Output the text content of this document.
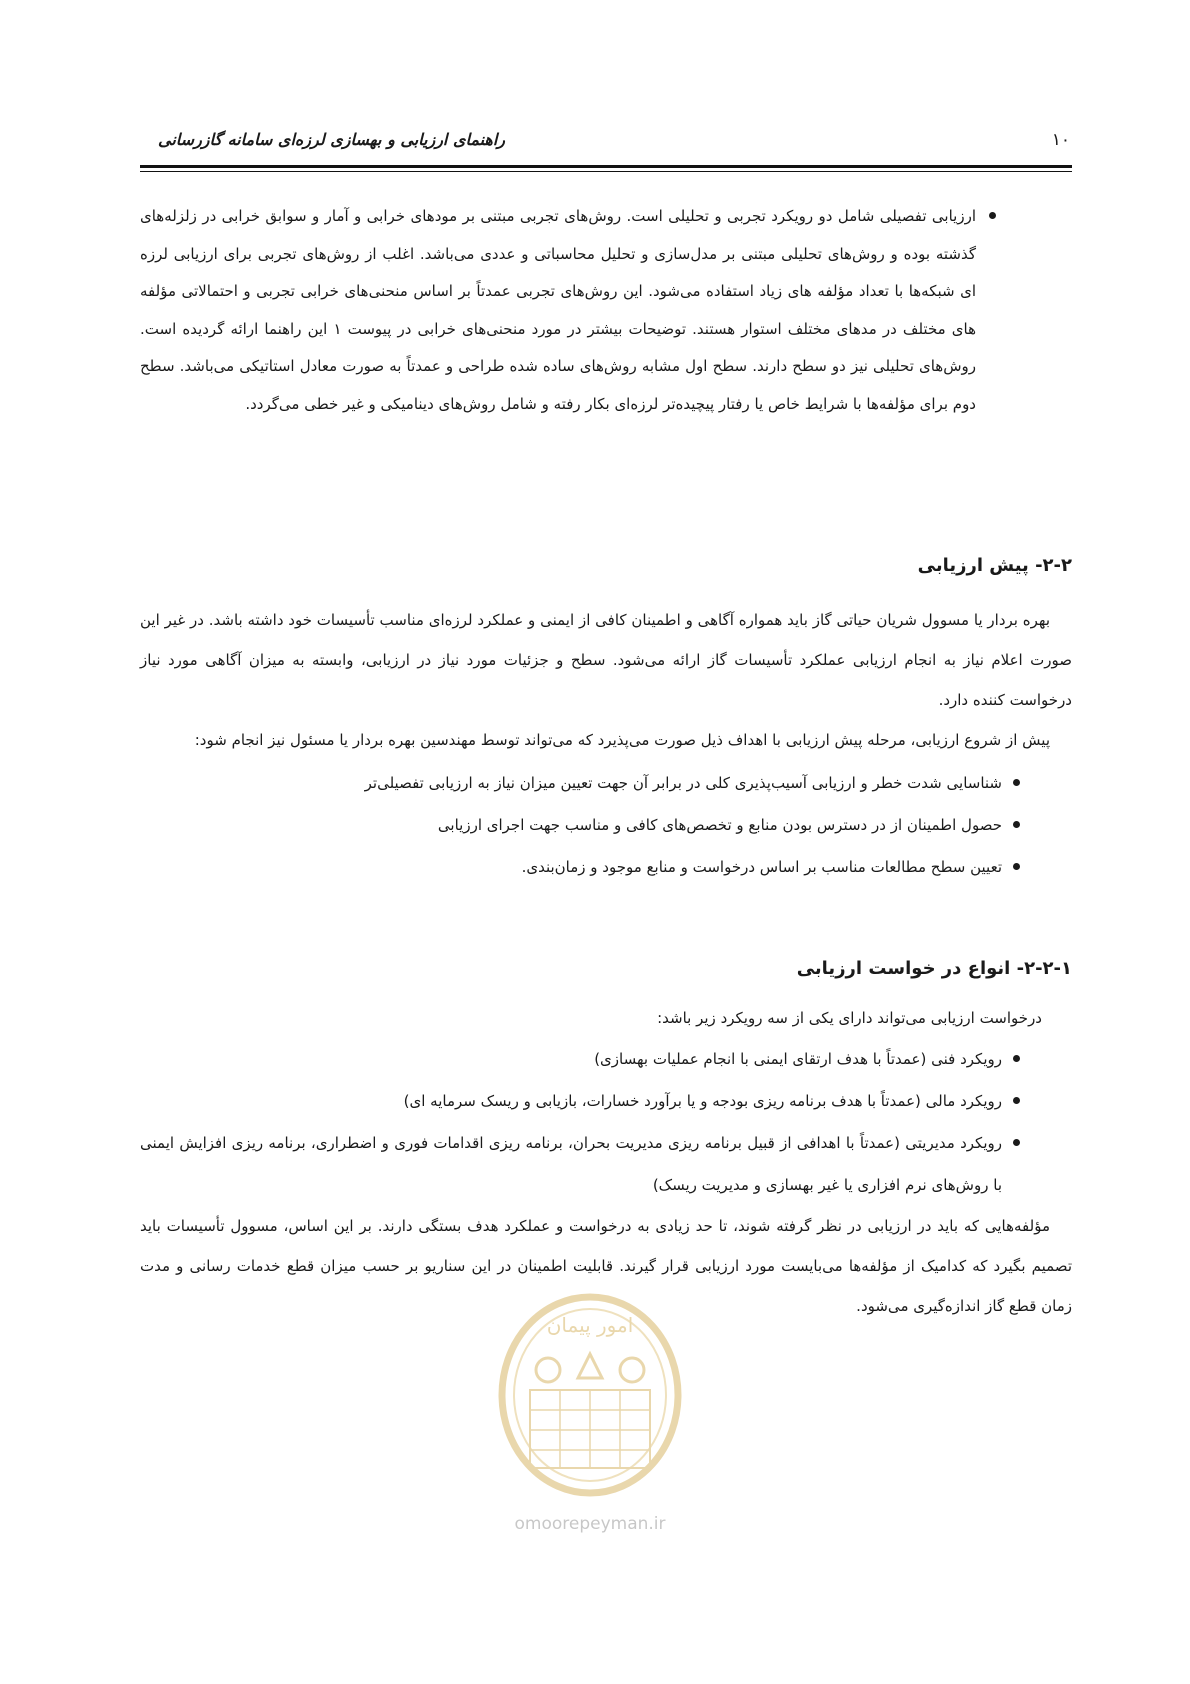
راهنمای ارزیابی و بهسازی لرزه‌ای سامانه گازرسانی	۱۰
ارزیابی تفصیلی شامل دو رویکرد تجربی و تحلیلی است. روش‌های تجربی مبتنی بر مودهای خرابی و آمار و سوابق خرابی در زلزله‌های گذشته بوده و روش‌های تحلیلی مبتنی بر مدل‌سازی و تحلیل محاسباتی و عددی می‌باشد. اغلب از روش‌های تجربی برای ارزیابی لرزه ای شبکه‌ها با تعداد مؤلفه های زیاد استفاده می‌شود. این روش‌های تجربی عمدتاً بر اساس منحنی‌های خرابی تجربی و احتمالاتی مؤلفه های مختلف در مدهای مختلف استوار هستند. توضیحات بیشتر در مورد منحنی‌های خرابی در پیوست ۱ این راهنما ارائه گردیده است. روش‌های تحلیلی نیز دو سطح دارند. سطح اول مشابه روش‌های ساده شده طراحی و عمدتاً به صورت معادل استاتیکی می‌باشد. سطح دوم برای مؤلفه‌ها با شرایط خاص یا رفتار پیچیده‌تر لرزه‌ای بکار رفته و شامل روش‌های دینامیکی و غیر خطی می‌گردد.
۲-۲- پیش ارزیابی

بهره بردار یا مسوول شریان حیاتی گاز باید همواره آگاهی و اطمینان کافی از ایمنی و عملکرد لرزه‌ای مناسب تأسیسات خود داشته باشد. در غیر این صورت اعلام نیاز به انجام ارزیابی عملکرد تأسیسات گاز ارائه می‌شود. سطح و جزئیات مورد نیاز در ارزیابی، وابسته به میزان آگاهی مورد نیاز درخواست کننده دارد.

پیش از شروع ارزیابی، مرحله پیش ارزیابی با اهداف ذیل صورت می‌پذیرد که می‌تواند توسط مهندسین بهره بردار یا مسئول نیز انجام شود:

شناسایی شدت خطر و ارزیابی آسیب‌پذیری کلی در برابر آن جهت تعیین میزان نیاز به ارزیابی تفصیلی‌تر
حصول اطمینان از در دسترس بودن منابع و تخصص‌های کافی و مناسب جهت اجرای ارزیابی
تعیین سطح مطالعات مناسب بر اساس درخواست و منابع موجود و زمان‌بندی.
۲-۲-۱- انواع در خواست ارزیابی

درخواست ارزیابی می‌تواند دارای یکی از سه رویکرد زیر باشد:

رویکرد فنی (عمدتاً با هدف ارتقای ایمنی با انجام عملیات بهسازی)
رویکرد مالی (عمدتاً با هدف برنامه ریزی بودجه و یا برآورد خسارات، بازیابی و ریسک سرمایه ای)
رویکرد مدیریتی (عمدتاً با اهدافی از قبیل برنامه ریزی مدیریت بحران، برنامه ریزی اقدامات فوری و اضطراری، برنامه ریزی افزایش ایمنی با روش‌های نرم افزاری یا غیر بهسازی و مدیریت ریسک)

مؤلفه‌هایی که باید در ارزیابی در نظر گرفته شوند، تا حد زیادی به درخواست و عملکرد هدف بستگی دارند. بر این اساس، مسوول تأسیسات باید تصمیم بگیرد که کدامیک از مؤلفه‌ها می‌بایست مورد ارزیابی قرار گیرند. قابلیت اطمینان در این سناریو بر حسب میزان قطع خدمات رسانی و مدت زمان قطع گاز اندازه‌گیری می‌شود.

امور پیمان
omoorepeyman.ir
